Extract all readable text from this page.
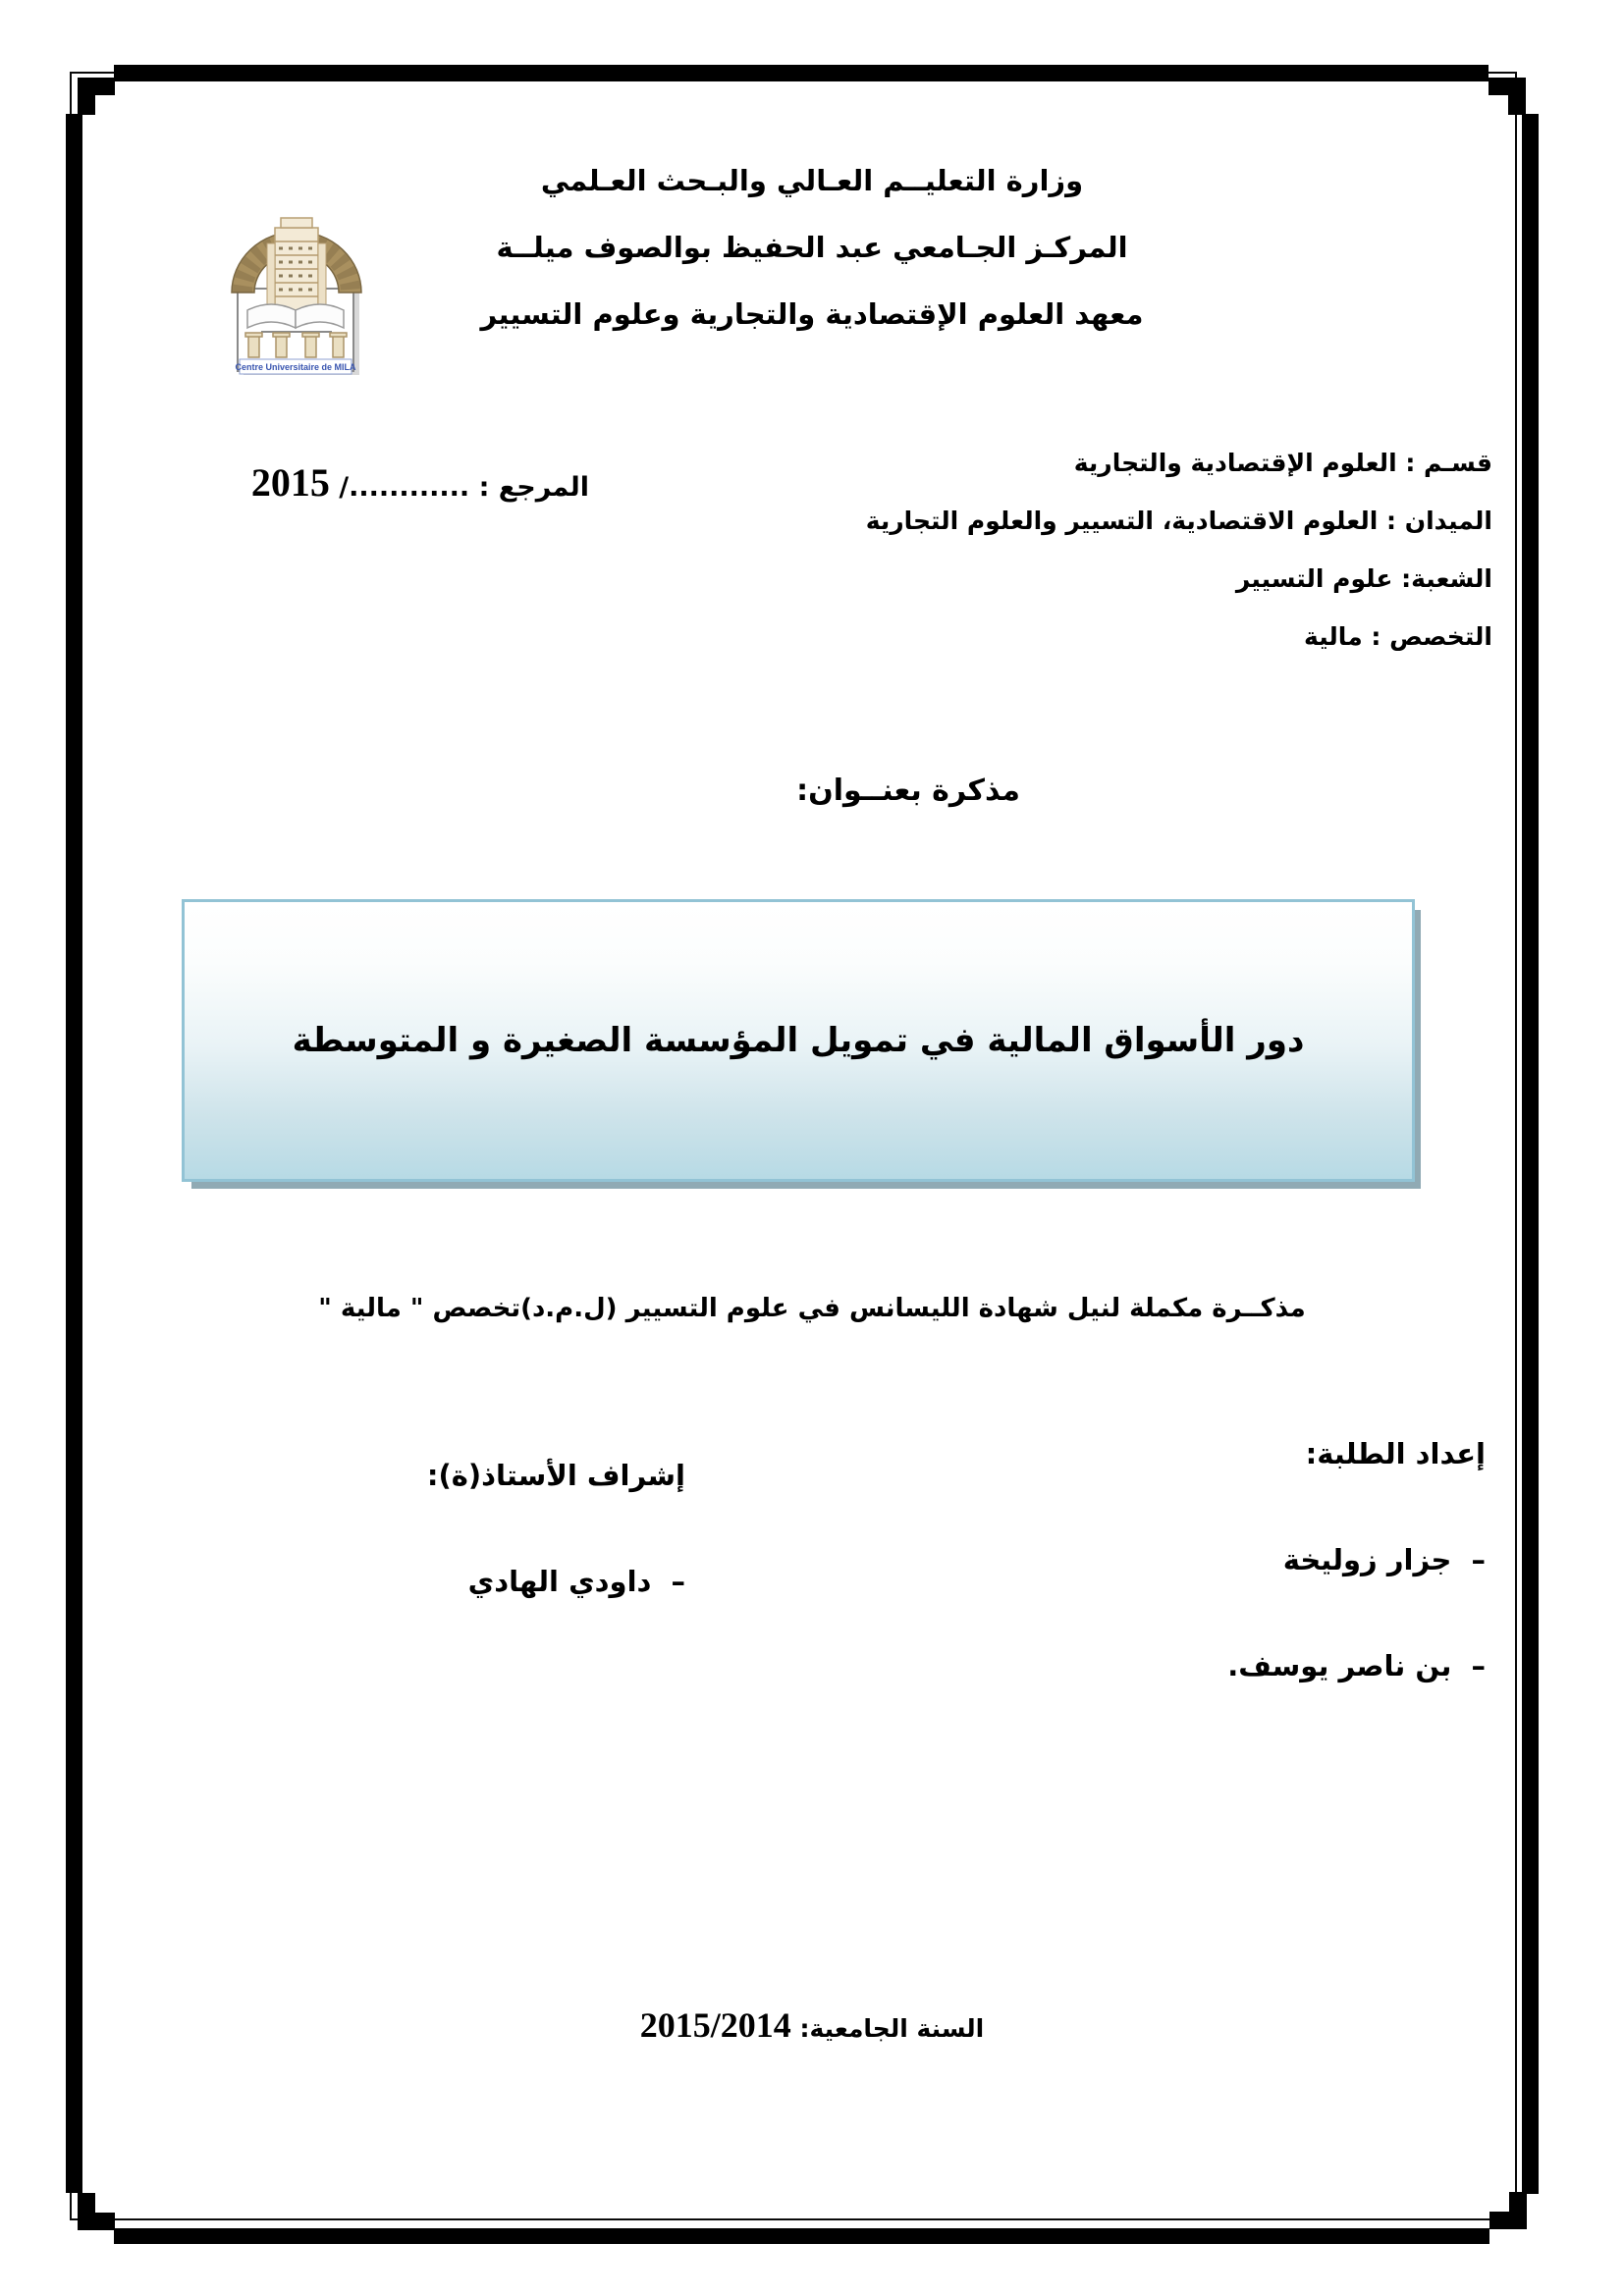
Centre Universitaire de MILA
وزارة التعليــم العـالي والبـحث العـلمي
المركـز الجـامعي عبد الحفيظ بوالصوف ميلــة
معهد العلوم الإقتصادية والتجارية وعلوم التسيير
قسـم : العلوم الإقتصادية والتجارية
الميدان : العلوم الاقتصادية، التسيير والعلوم التجارية
الشعبة: علوم التسيير
التخصص : مالية
المرجع : ............/ 2015
مذكرة بعنــوان:
دور الأسواق المالية في تمويل المؤسسة الصغيرة و المتوسطة
مذكــرة مكملة لنيل شهادة الليسانس في علوم التسيير (ل.م.د)تخصص " مالية "
إعداد الطلبة:
– جزار زوليخة
– بن ناصر يوسف.
إشراف الأستاذ(ة):
– داودي الهادي
السنة الجامعية: 2015/2014
